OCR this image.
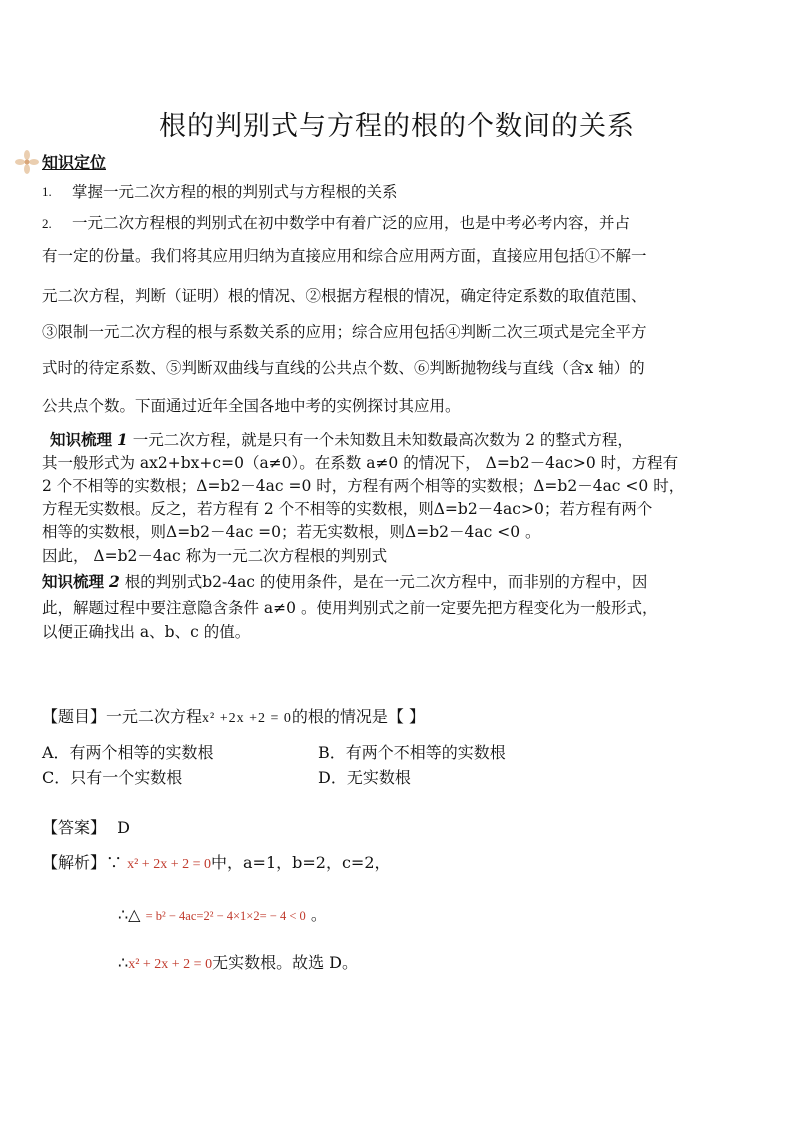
根的判别式与方程的根的个数间的关系
知识定位
1. 掌握一元二次方程的根的判别式与方程根的关系
2. 一元二次方程根的判别式在初中数学中有着广泛的应用，也是中考必考内容，并占
有一定的份量。我们将其应用归纳为直接应用和综合应用两方面，直接应用包括①不解一
元二次方程，判断（证明）根的情况、②根据方程根的情况，确定待定系数的取值范围、
③限制一元二次方程的根与系数关系的应用；综合应用包括④判断二次三项式是完全平方
式时的待定系数、⑤判断双曲线与直线的公共点个数、⑥判断抛物线与直线（含x 轴）的
公共点个数。下面通过近年全国各地中考的实例探讨其应用。
知识梳理 1 一元二次方程，就是只有一个未知数且未知数最高次数为 2 的整式方程，
其一般形式为 ax2+bx+c=0（a≠0）。在系数 a≠0 的情况下， Δ=b2－4ac>0 时，方程有
2 个不相等的实数根；Δ=b2－4ac =0 时，方程有两个相等的实数根；Δ=b2－4ac <0 时，
方程无实数根。反之，若方程有 2 个不相等的实数根，则Δ=b2－4ac>0；若方程有两个
相等的实数根，则Δ=b2－4ac =0；若无实数根，则Δ=b2－4ac <0 。
因此， Δ=b2－4ac 称为一元二次方程根的判别式
知识梳理 2 根的判别式b2-4ac 的使用条件，是在一元二次方程中，而非别的方程中，因
此，解题过程中要注意隐含条件 a≠0 。使用判别式之前一定要先把方程变化为一般形式，
以便正确找出 a、b、c 的值。
【题目】一元二次方程x² +2x +2 = 0的根的情况是【 】
A．有两个相等的实数根	B．有两个不相等的实数根
C．只有一个实数根	D．无实数根
【答案】 D
【解析】∵ x² + 2x + 2 = 0中，a=1，b=2，c=2，
∴△ = b² − 4ac=2² − 4×1×2= − 4 < 0 。
∴x² + 2x + 2 = 0无实数根。故选 D。
